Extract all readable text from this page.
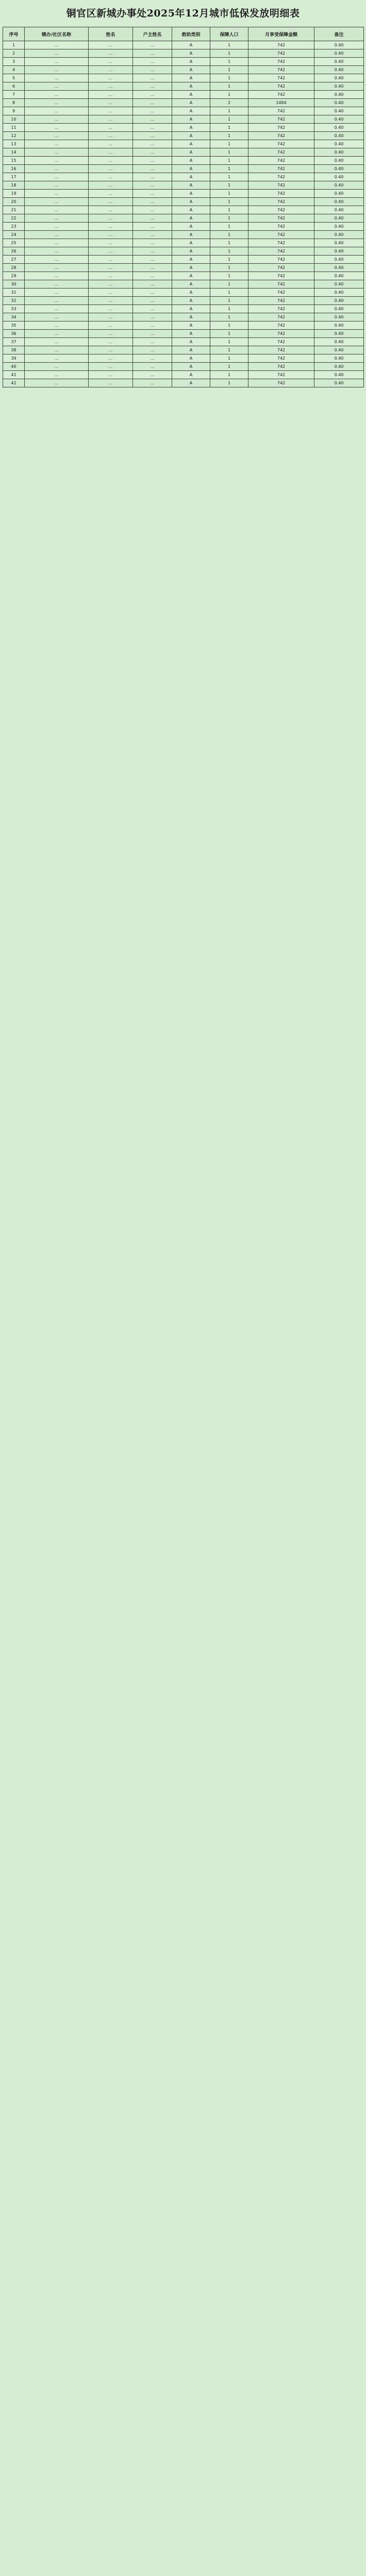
铜官区新城办事处2025年12月城市低保发放明细表
序号	镇办/社区名称	姓名	户主姓名	救助类别	保障人口	月享受保障金额	备注
1	...	...	...	A	1	742	0.40
2	...	...	...	A	1	742	0.40
3	...	...	...	A	1	742	0.40
4	...	...	...	A	1	742	0.40
5	...	...	...	A	1	742	0.40
6	...	...	...	A	1	742	0.40
7	...	...	...	A	1	742	0.40
8	...	...	...	A	2	1484	0.40
9	...	...	...	A	1	742	0.40
10	...	...	...	A	1	742	0.40
11	...	...	...	A	1	742	0.40
12	...	...	...	A	1	742	0.40
13	...	...	...	A	1	742	0.40
14	...	...	...	A	1	742	0.40
15	...	...	...	A	1	742	0.40
16	...	...	...	A	1	742	0.40
17	...	...	...	A	1	742	0.40
18	...	...	...	A	1	742	0.40
19	...	...	...	A	1	742	0.40
20	...	...	...	A	1	742	0.40
21	...	...	...	A	1	742	0.40
22	...	...	...	A	1	742	0.40
23	...	...	...	A	1	742	0.40
24	...	...	...	A	1	742	0.40
25	...	...	...	A	1	742	0.40
26	...	...	...	A	1	742	0.40
27	...	...	...	A	1	742	0.40
28	...	...	...	A	1	742	0.40
29	...	...	...	A	1	742	0.40
30	...	...	...	A	1	742	0.40
31	...	...	...	A	1	742	0.40
32	...	...	...	A	1	742	0.40
33	...	...	...	A	1	742	0.40
34	...	...	...	A	1	742	0.40
35	...	...	...	A	1	742	0.40
36	...	...	...	A	1	742	0.40
37	...	...	...	A	1	742	0.40
38	...	...	...	A	1	742	0.40
39	...	...	...	A	1	742	0.40
40	...	...	...	A	1	742	0.40
41	...	...	...	A	1	742	0.40
42	...	...	...	A	1	742	0.40
